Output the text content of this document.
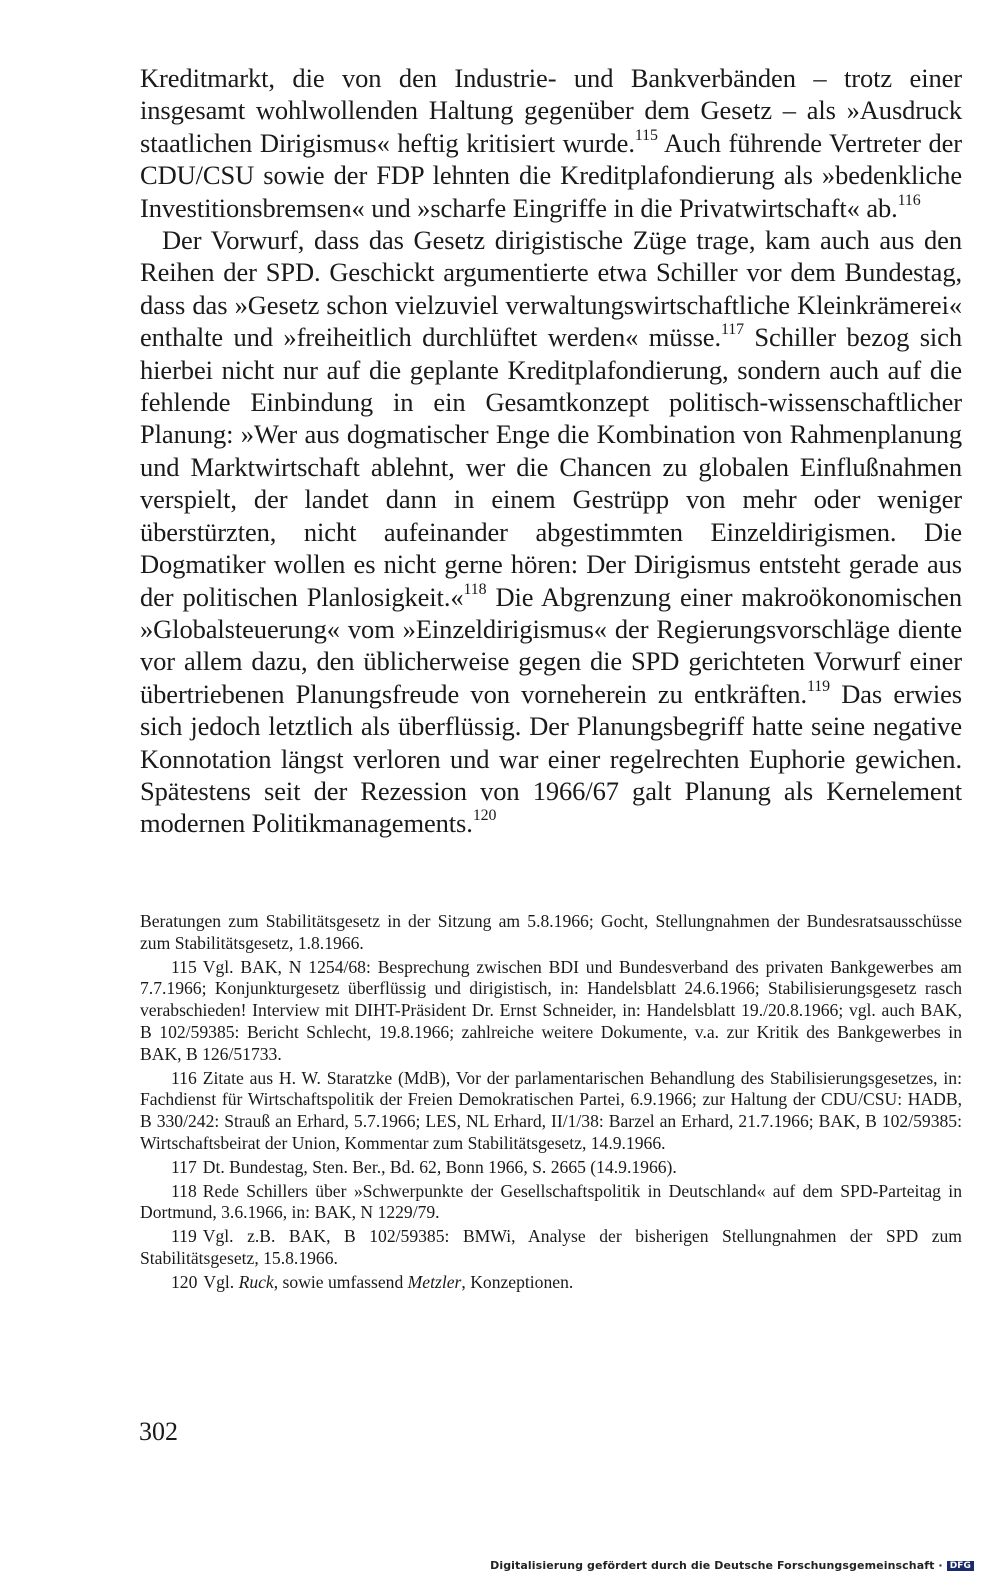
Kreditmarkt, die von den Industrie- und Bankverbänden – trotz einer insgesamt wohlwollenden Haltung gegenüber dem Gesetz – als »Ausdruck staatlichen Dirigismus« heftig kritisiert wurde.$^{115}$ Auch führende Vertreter der CDU/CSU sowie der FDP lehnten die Kreditplafondierung als »bedenkliche Investitionsbremsen« und »scharfe Eingriffe in die Privatwirtschaft« ab.$^{116}$

Der Vorwurf, dass das Gesetz dirigistische Züge trage, kam auch aus den Reihen der SPD. Geschickt argumentierte etwa Schiller vor dem Bundestag, dass das »Gesetz schon vielzuviel verwaltungswirtschaftliche Kleinkrämerei« enthalte und »freiheitlich durchlüftet werden« müsse.$^{117}$ Schiller bezog sich hierbei nicht nur auf die geplante Kreditplafondierung, sondern auch auf die fehlende Einbindung in ein Gesamtkonzept politisch-wissenschaftlicher Planung: »Wer aus dogmatischer Enge die Kombination von Rahmenplanung und Marktwirtschaft ablehnt, wer die Chancen zu globalen Einflußnahmen verspielt, der landet dann in einem Gestrüpp von mehr oder weniger überstürzten, nicht aufeinander abgestimmten Einzeldirigismen. Die Dogmatiker wollen es nicht gerne hören: Der Dirigismus entsteht gerade aus der politischen Planlosigkeit.«$^{118}$ Die Abgrenzung einer makroökonomischen »Globalsteuerung« vom »Einzeldirigismus« der Regierungsvorschläge diente vor allem dazu, den üblicherweise gegen die SPD gerichteten Vorwurf einer übertriebenen Planungsfreude von vorneherein zu entkräften.$^{119}$ Das erwies sich jedoch letztlich als überflüssig. Der Planungsbegriff hatte seine negative Konnotation längst verloren und war einer regelrechten Euphorie gewichen. Spätestens seit der Rezession von 1966/67 galt Planung als Kernelement modernen Politikmanagements.$^{120}$

Beratungen zum Stabilitätsgesetz in der Sitzung am 5.8.1966; Gocht, Stellungnahmen der Bundesratsausschüsse zum Stabilitätsgesetz, 1.8.1966.

115 Vgl. BAK, N 1254/68: Besprechung zwischen BDI und Bundesverband des privaten Bankgewerbes am 7.7.1966; Konjunkturgesetz überflüssig und dirigistisch, in: Handelsblatt 24.6.1966; Stabilisierungsgesetz rasch verabschieden! Interview mit DIHT-Präsident Dr. Ernst Schneider, in: Handelsblatt 19./20.8.1966; vgl. auch BAK, B 102/59385: Bericht Schlecht, 19.8.1966; zahlreiche weitere Dokumente, v.a. zur Kritik des Bankgewerbes in BAK, B 126/51733.

116 Zitate aus H. W. Staratzke (MdB), Vor der parlamentarischen Behandlung des Stabilisierungsgesetzes, in: Fachdienst für Wirtschaftspolitik der Freien Demokratischen Partei, 6.9.1966; zur Haltung der CDU/CSU: HADB, B 330/242: Strauß an Erhard, 5.7.1966; LES, NL Erhard, II/1/38: Barzel an Erhard, 21.7.1966; BAK, B 102/59385: Wirtschaftsbeirat der Union, Kommentar zum Stabilitätsgesetz, 14.9.1966.

117 Dt. Bundestag, Sten. Ber., Bd. 62, Bonn 1966, S. 2665 (14.9.1966).

118 Rede Schillers über »Schwerpunkte der Gesellschaftspolitik in Deutschland« auf dem SPD-Parteitag in Dortmund, 3.6.1966, in: BAK, N 1229/79.

119 Vgl. z.B. BAK, B 102/59385: BMWi, Analyse der bisherigen Stellungnahmen der SPD zum Stabilitätsgesetz, 15.8.1966.

120 Vgl. Ruck, sowie umfassend Metzler, Konzeptionen.

302
Digitalisierung gefördert durch die Deutsche Forschungsgemeinschaft · DFG
